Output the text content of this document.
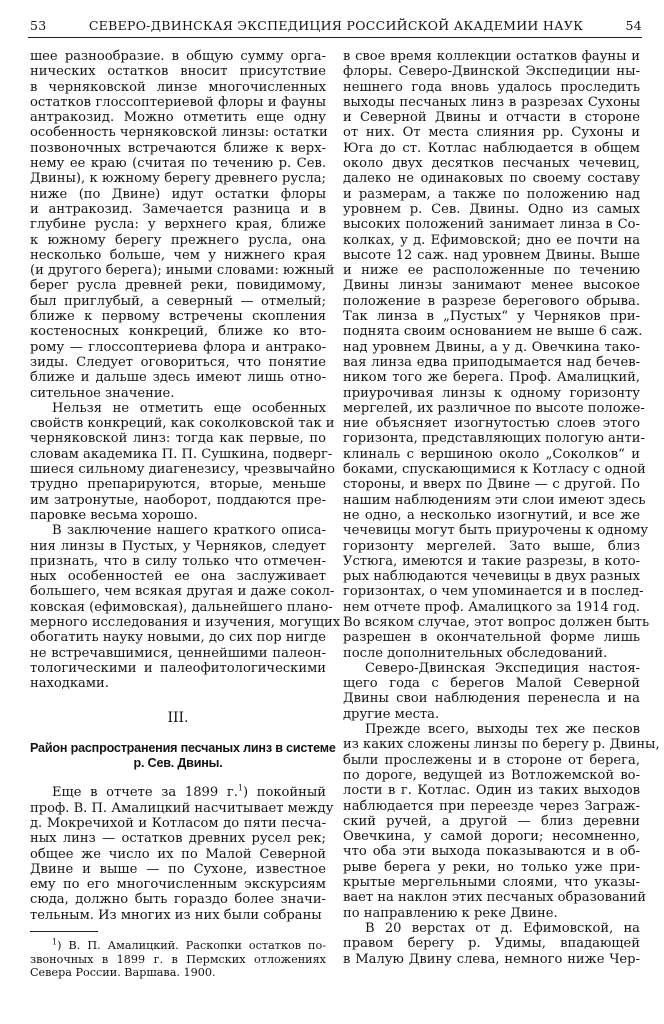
53	СЕВЕРО-ДВИНСКАЯ ЭКСПЕДИЦИЯ РОССИЙСКОЙ АКАДЕМИИ НАУК	54
шее разнообразие. в общую сумму орга-
нических остатков вносит присутствие
в черняковской линзе многочисленных
остатков глоссоптериевой флоры и фауны
антракозид. Можно отметить еще одну
особенность черняковской линзы: остатки
позвоночных встречаются ближе к верх-
нему ее краю (считая по течению р. Сев.
Двины), к южному берегу древнего русла;
ниже (по Двине) идут остатки флоры
и антракозид. Замечается разница и в
глубине русла: у верхнего края, ближе
к южному берегу прежнего русла, она
несколько больше, чем у нижнего края
(и другого берега); иными словами: южный
берег русла древней реки, повидимому,
был приглубый, а северный — отмелый;
ближе к первому встречены скопления
костеносных конкреций, ближе ко вто-
рому — глоссоптериева флора и антрако-
зиды. Следует оговориться, что понятие
ближе и дальше здесь имеют лишь отно-
сительное значение.
Нельзя не отметить еще особенных
свойств конкреций, как соколковской так и
черняковской линз: тогда как первые, по
словам академика П. П. Сушкина, подверг-
шиеся сильному диагенезису, чрезвычайно
трудно препарируются, вторые, меньше
им затронутые, наоборот, поддаются пре-
паровке весьма хорошо.
В заключение нашего краткого описа-
ния линзы в Пустых, у Черняков, следует
признать, что в силу только что отмечен-
ных особенностей ее она заслуживает
большего, чем всякая другая и даже сокол-
ковская (ефимовская), дальнейшего плано-
мерного исследования и изучения, могущих
обогатить науку новыми, до сих пор нигде
не встречавшимися, ценнейшими палеон-
тологическими и палеофитологическими
находками.
III.
Район распространения песчаных линз в системе
р. Сев. Двины.
Еще в отчете за 1899 г.$^1$) покойный
проф. В. П. Амалицкий насчитывает между
д. Мокречихой и Котласом до пяти песча-
ных линз — остатков древних русел рек;
общее же число их по Малой Северной
Двине и выше — по Сухоне, известное
ему по его многочисленным экскурсиям
сюда, должно быть гораздо более значи-
тельным. Из многих из них были собраны
$^1$) В. П. Амалицкий. Раскопки остатков по-
звоночных в 1899 г. в Пермских отложениях
Севера России. Варшава. 1900.
в свое время коллекции остатков фауны и
флоры. Северо-Двинской Экспедиции ны-
нешнего года вновь удалось проследить
выходы песчаных линз в разрезах Сухоны
и Северной Двины и отчасти в стороне
от них. От места слияния рр. Сухоны и
Юга до ст. Котлас наблюдается в общем
около двух десятков песчаных чечевиц,
далеко не одинаковых по своему составу
и размерам, а также по положению над
уровнем р. Сев. Двины. Одно из самых
высоких положений занимает линза в Со-
колках, у д. Ефимовской; дно ее почти на
высоте 12 саж. над уровнем Двины. Выше
и ниже ее расположенные по течению
Двины линзы занимают менее высокое
положение в разрезе берегового обрыва.
Так линза в „Пустых“ у Черняков при-
поднята своим основанием не выше 6 саж.
над уровнем Двины, а у д. Овечкина тако-
вая линза едва приподымается над бечев-
ником того же берега. Проф. Амалицкий,
приурочивая линзы к одному горизонту
мергелей, их различное по высоте положе-
ние объясняет изогнутостью слоев этого
горизонта, представляющих пологую анти-
клиналь с вершиною около „Соколков“ и
боками, спускающимися к Котласу с одной
стороны, и вверх по Двине — с другой. По
нашим наблюдениям эти слои имеют здесь
не одно, а несколько изогнутий, и все же
чечевицы могут быть приурочены к одному
горизонту мергелей. Зато выше, близ
Устюга, имеются и такие разрезы, в кото-
рых наблюдаются чечевицы в двух разных
горизонтах, о чем упоминается и в послед-
нем отчете проф. Амалицкого за 1914 год.
Во всяком случае, этот вопрос должен быть
разрешен в окончательной форме лишь
после дополнительных обследований.
Северо-Двинская Экспедиция настоя-
щего года с берегов Малой Северной
Двины свои наблюдения перенесла и на
другие места.
Прежде всего, выходы тех же песков
из каких сложены линзы по берегу р. Двины,
были прослежены и в стороне от берега,
по дороге, ведущей из Вотложемской во-
лости в г. Котлас. Один из таких выходов
наблюдается при переезде через Заграж-
ский ручей, а другой — близ деревни
Овечкина, у самой дороги; несомненно,
что оба эти выхода показываются и в об-
рыве берега у реки, но только уже при-
крытые мергельными слоями, что указы-
вает на наклон этих песчаных образований
по направлению к реке Двине.
В 20 верстах от д. Ефимовской, на
правом берегу р. Удимы, впадающей
в Малую Двину слева, немного ниже Чер-
